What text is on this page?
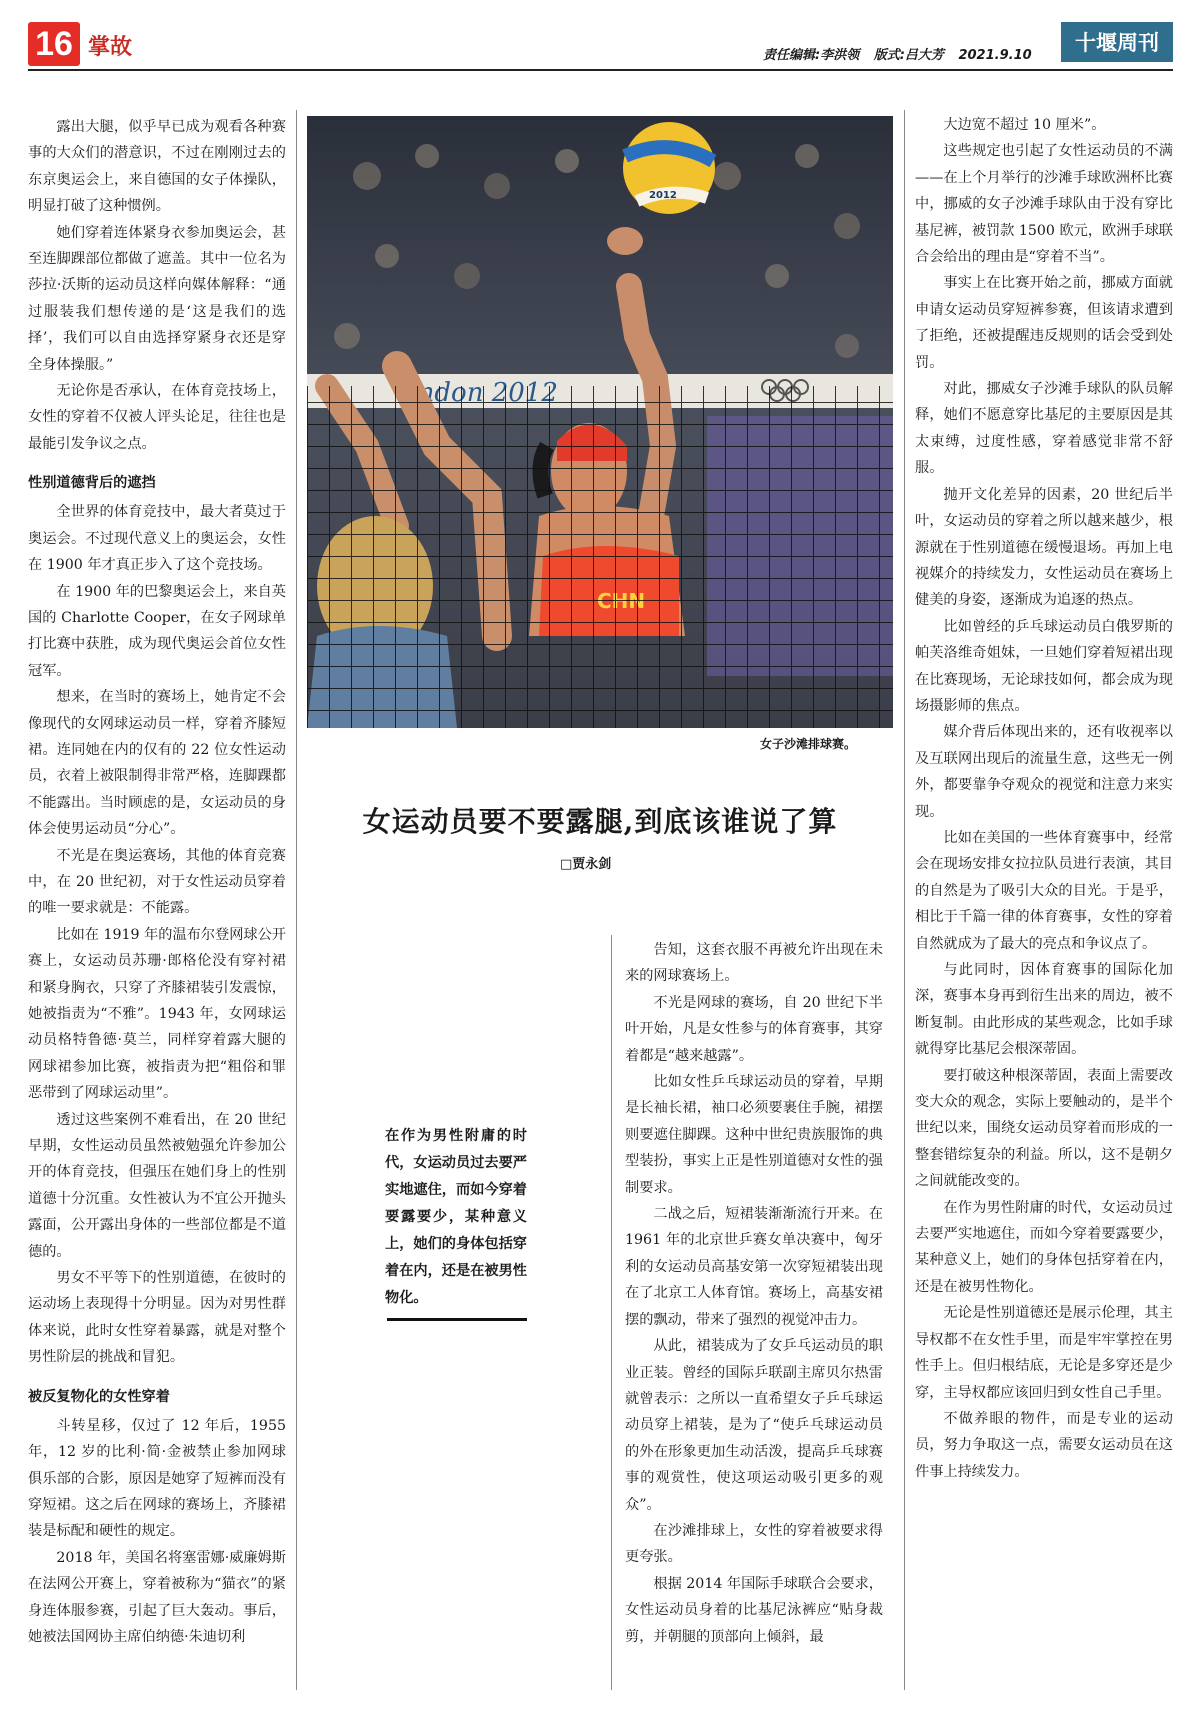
16 掌故	责任编辑:李洪领 版式:吕大芳 2021.9.10
十堰周刊

露出大腿，似乎早已成为观看各种赛事的大众们的潜意识，不过在刚刚过去的东京奥运会上，来自德国的女子体操队，明显打破了这种惯例。

她们穿着连体紧身衣参加奥运会，甚至连脚踝部位都做了遮盖。其中一位名为莎拉·沃斯的运动员这样向媒体解释：“通过服装我们想传递的是‘这是我们的选择’，我们可以自由选择穿紧身衣还是穿全身体操服。”

无论你是否承认，在体育竞技场上，女性的穿着不仅被人评头论足，往往也是最能引发争议之点。

性别道德背后的遮挡

全世界的体育竞技中，最大者莫过于奥运会。不过现代意义上的奥运会，女性在 1900 年才真正步入了这个竞技场。

在 1900 年的巴黎奥运会上，来自英国的 Charlotte Cooper，在女子网球单打比赛中获胜，成为现代奥运会首位女性冠军。

想来，在当时的赛场上，她肯定不会像现代的女网球运动员一样，穿着齐膝短裙。连同她在内的仅有的 22 位女性运动员，衣着上被限制得非常严格，连脚踝都不能露出。当时顾虑的是，女运动员的身体会使男运动员“分心”。

不光是在奥运赛场，其他的体育竞赛中，在 20 世纪初，对于女性运动员穿着的唯一要求就是：不能露。

比如在 1919 年的温布尔登网球公开赛上，女运动员苏珊·郎格伦没有穿衬裙和紧身胸衣，只穿了齐膝裙装引发震惊，她被指责为“不雅”。1943 年，女网球运动员格特鲁德·莫兰，同样穿着露大腿的网球裙参加比赛，被指责为把“粗俗和罪恶带到了网球运动里”。

透过这些案例不难看出，在 20 世纪早期，女性运动员虽然被勉强允许参加公开的体育竞技，但强压在她们身上的性别道德十分沉重。女性被认为不宜公开抛头露面，公开露出身体的一些部位都是不道德的。

男女不平等下的性别道德，在彼时的运动场上表现得十分明显。因为对男性群体来说，此时女性穿着暴露，就是对整个男性阶层的挑战和冒犯。

被反复物化的女性穿着

斗转星移，仅过了 12 年后，1955 年，12 岁的比利·简·金被禁止参加网球俱乐部的合影，原因是她穿了短裤而没有穿短裙。这之后在网球的赛场上，齐膝裙装是标配和硬性的规定。

2018 年，美国名将塞雷娜·威廉姆斯在法网公开赛上，穿着被称为“猫衣”的紧身连体服参赛，引起了巨大轰动。事后，她被法国网协主席伯纳德·朱迪切利

2012
女子沙滩排球赛。
女运动员要不要露腿,到底该谁说了算
□贾永剑
在作为男性附庸的时代，女运动员过去要严实地遮住，而如今穿着要露要少，某种意义上，她们的身体包括穿着在内，还是在被男性物化。

告知，这套衣服不再被允许出现在未来的网球赛场上。

不光是网球的赛场，自 20 世纪下半叶开始，凡是女性参与的体育赛事，其穿着都是“越来越露”。

比如女性乒乓球运动员的穿着，早期是长袖长裙，袖口必须要裹住手腕，裙摆则要遮住脚踝。这种中世纪贵族服饰的典型装扮，事实上正是性别道德对女性的强制要求。

二战之后，短裙装渐渐流行开来。在 1961 年的北京世乒赛女单决赛中，匈牙利的女运动员高基安第一次穿短裙装出现在了北京工人体育馆。赛场上，高基安裙摆的飘动，带来了强烈的视觉冲击力。

从此，裙装成为了女乒乓运动员的职业正装。曾经的国际乒联副主席贝尔热雷就曾表示：之所以一直希望女子乒乓球运动员穿上裙装，是为了“使乒乓球运动员的外在形象更加生动活泼，提高乒乓球赛事的观赏性，使这项运动吸引更多的观众”。

在沙滩排球上，女性的穿着被要求得更夸张。

根据 2014 年国际手球联合会要求，女性运动员身着的比基尼泳裤应“贴身裁剪，并朝腿的顶部向上倾斜，最

大边宽不超过 10 厘米”。

这些规定也引起了女性运动员的不满——在上个月举行的沙滩手球欧洲杯比赛中，挪威的女子沙滩手球队由于没有穿比基尼裤，被罚款 1500 欧元，欧洲手球联合会给出的理由是“穿着不当”。

事实上在比赛开始之前，挪威方面就申请女运动员穿短裤参赛，但该请求遭到了拒绝，还被提醒违反规则的话会受到处罚。

对此，挪威女子沙滩手球队的队员解释，她们不愿意穿比基尼的主要原因是其太束缚，过度性感，穿着感觉非常不舒服。

抛开文化差异的因素，20 世纪后半叶，女运动员的穿着之所以越来越少，根源就在于性别道德在缓慢退场。再加上电视媒介的持续发力，女性运动员在赛场上健美的身姿，逐渐成为追逐的热点。

比如曾经的乒乓球运动员白俄罗斯的帕芙洛维奇姐妹，一旦她们穿着短裙出现在比赛现场，无论球技如何，都会成为现场摄影师的焦点。

媒介背后体现出来的，还有收视率以及互联网出现后的流量生意，这些无一例外，都要靠争夺观众的视觉和注意力来实现。

比如在美国的一些体育赛事中，经常会在现场安排女拉拉队员进行表演，其目的自然是为了吸引大众的目光。于是乎，相比于千篇一律的体育赛事，女性的穿着自然就成为了最大的亮点和争议点了。

与此同时，因体育赛事的国际化加深，赛事本身再到衍生出来的周边，被不断复制。由此形成的某些观念，比如手球就得穿比基尼会根深蒂固。

要打破这种根深蒂固，表面上需要改变大众的观念，实际上要触动的，是半个世纪以来，围绕女运动员穿着而形成的一整套错综复杂的利益。所以，这不是朝夕之间就能改变的。

在作为男性附庸的时代，女运动员过去要严实地遮住，而如今穿着要露要少，某种意义上，她们的身体包括穿着在内，还是在被男性物化。

无论是性别道德还是展示伦理，其主导权都不在女性手里，而是牢牢掌控在男性手上。但归根结底，无论是多穿还是少穿，主导权都应该回归到女性自己手里。

不做养眼的物件，而是专业的运动员，努力争取这一点，需要女运动员在这件事上持续发力。
